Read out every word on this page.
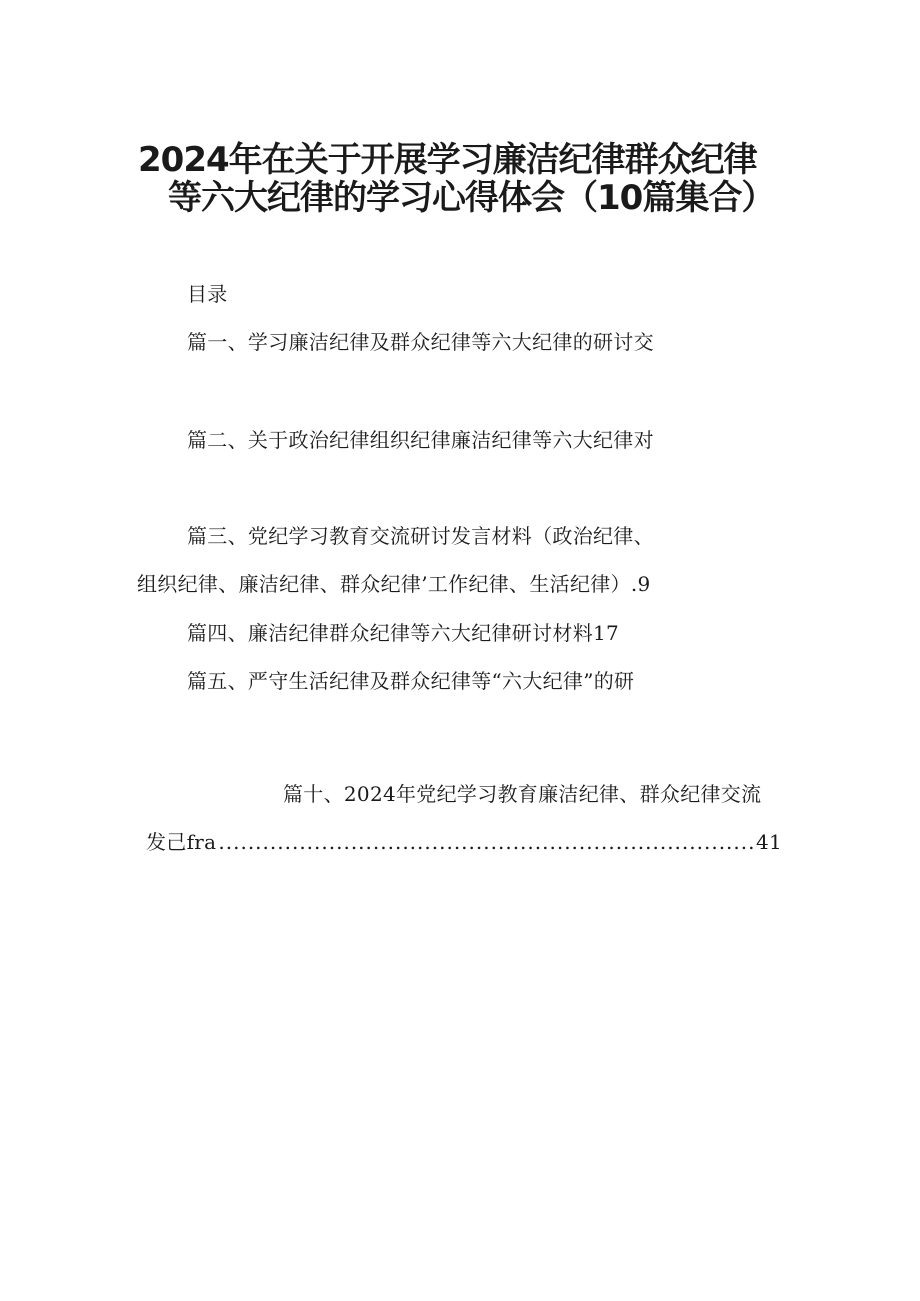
2024年在关于开展学习廉洁纪律群众纪律
等六大纪律的学习心得体会（10篇集合）
目录
篇一、学习廉洁纪律及群众纪律等六大纪律的研讨交
篇二、关于政治纪律组织纪律廉洁纪律等六大纪律对
篇三、党纪学习教育交流研讨发言材料（政治纪律、
组织纪律、廉洁纪律、群众纪律’工作纪律、生活纪律）.9
篇四、廉洁纪律群众纪律等六大纪律研讨材料17
篇五、严守生活纪律及群众纪律等“六大纪律”的研
篇十、2024年党纪学习教育廉洁纪律、群众纪律交流
发己fra
.....	41
